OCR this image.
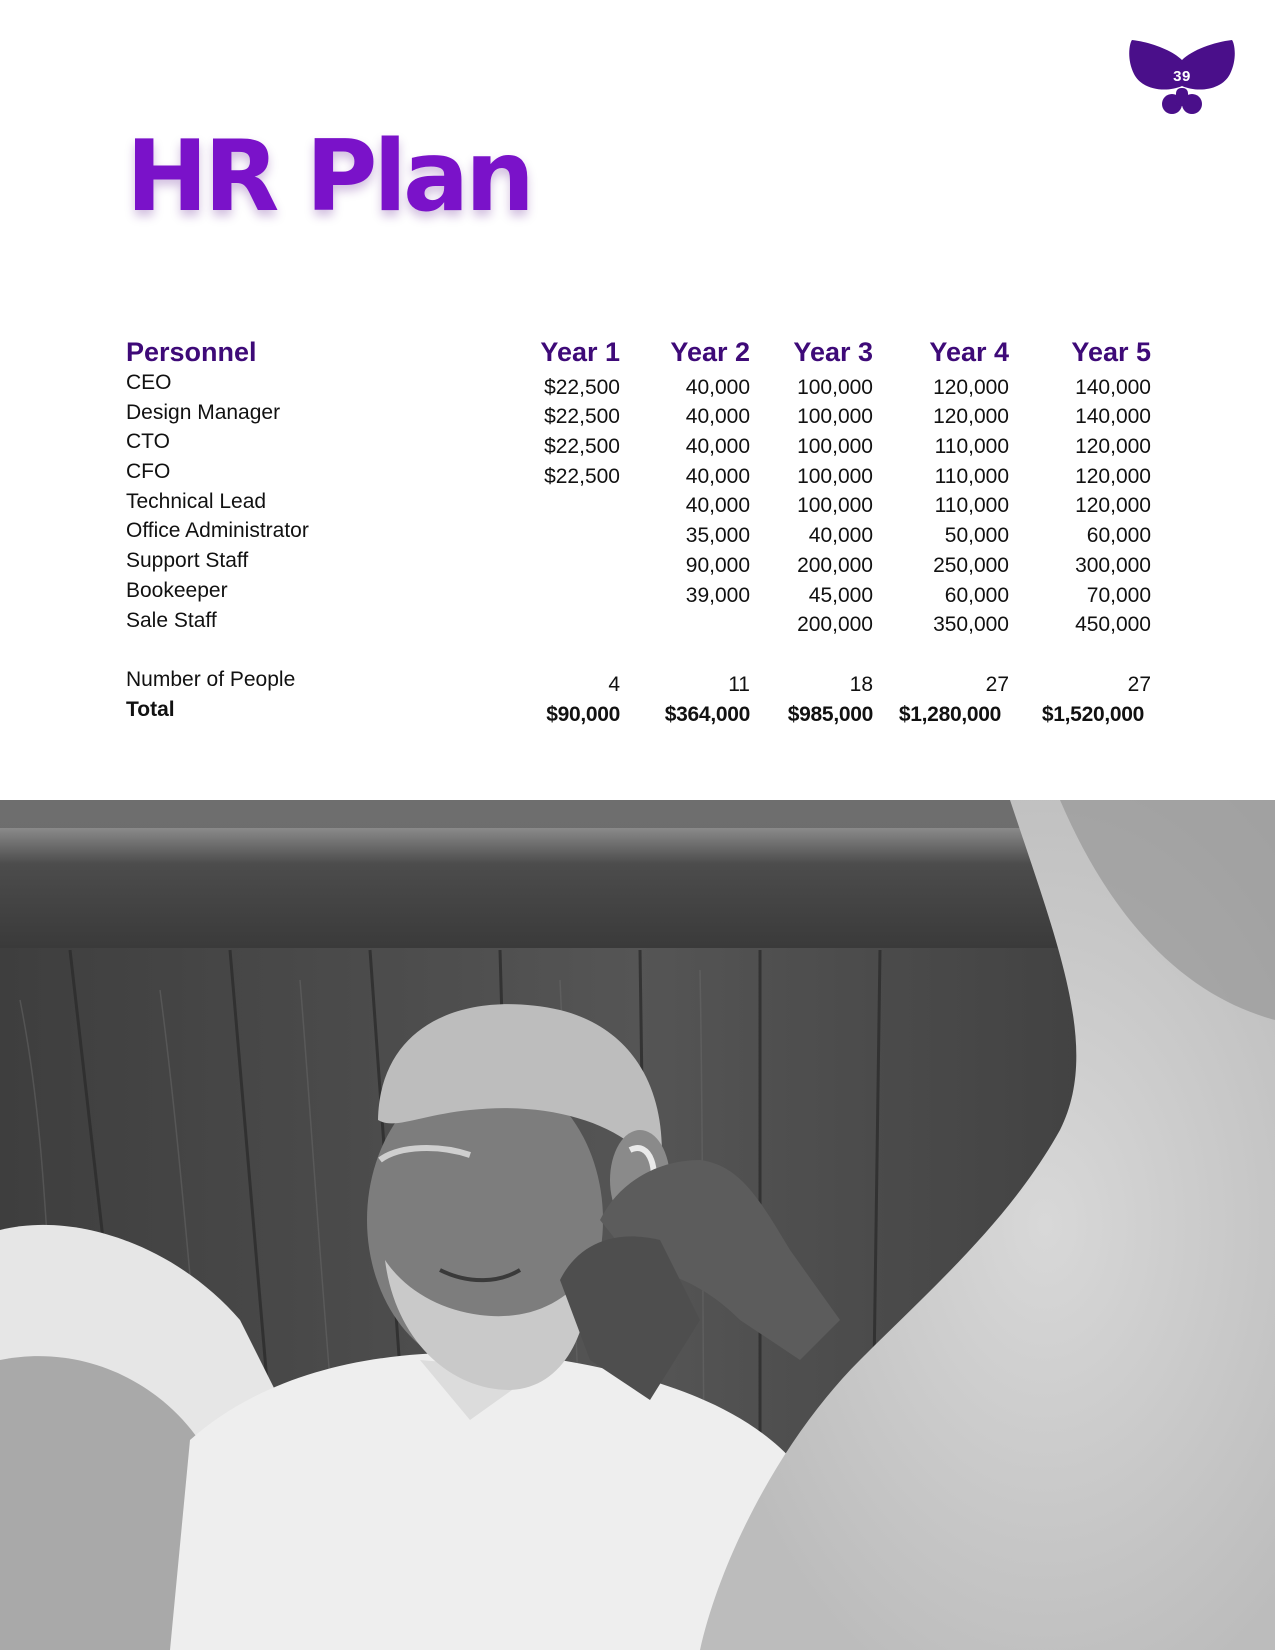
39
HR Plan
Personnel	Year 1	Year 2	Year 3	Year 4	Year 5
CEO	$22,500	40,000	100,000	120,000	140,000
Design Manager	$22,500	40,000	100,000	120,000	140,000
CTO	$22,500	40,000	100,000	110,000	120,000
CFO	$22,500	40,000	100,000	110,000	120,000
Technical Lead		40,000	100,000	110,000	120,000
Office Administrator		35,000	40,000	50,000	60,000
Support Staff		90,000	200,000	250,000	300,000
Bookeeper		39,000	45,000	60,000	70,000
Sale Staff			200,000	350,000	450,000

Number of People	4	11	18	27	27
Total	$90,000	$364,000	$985,000	$1,280,000	$1,520,000
